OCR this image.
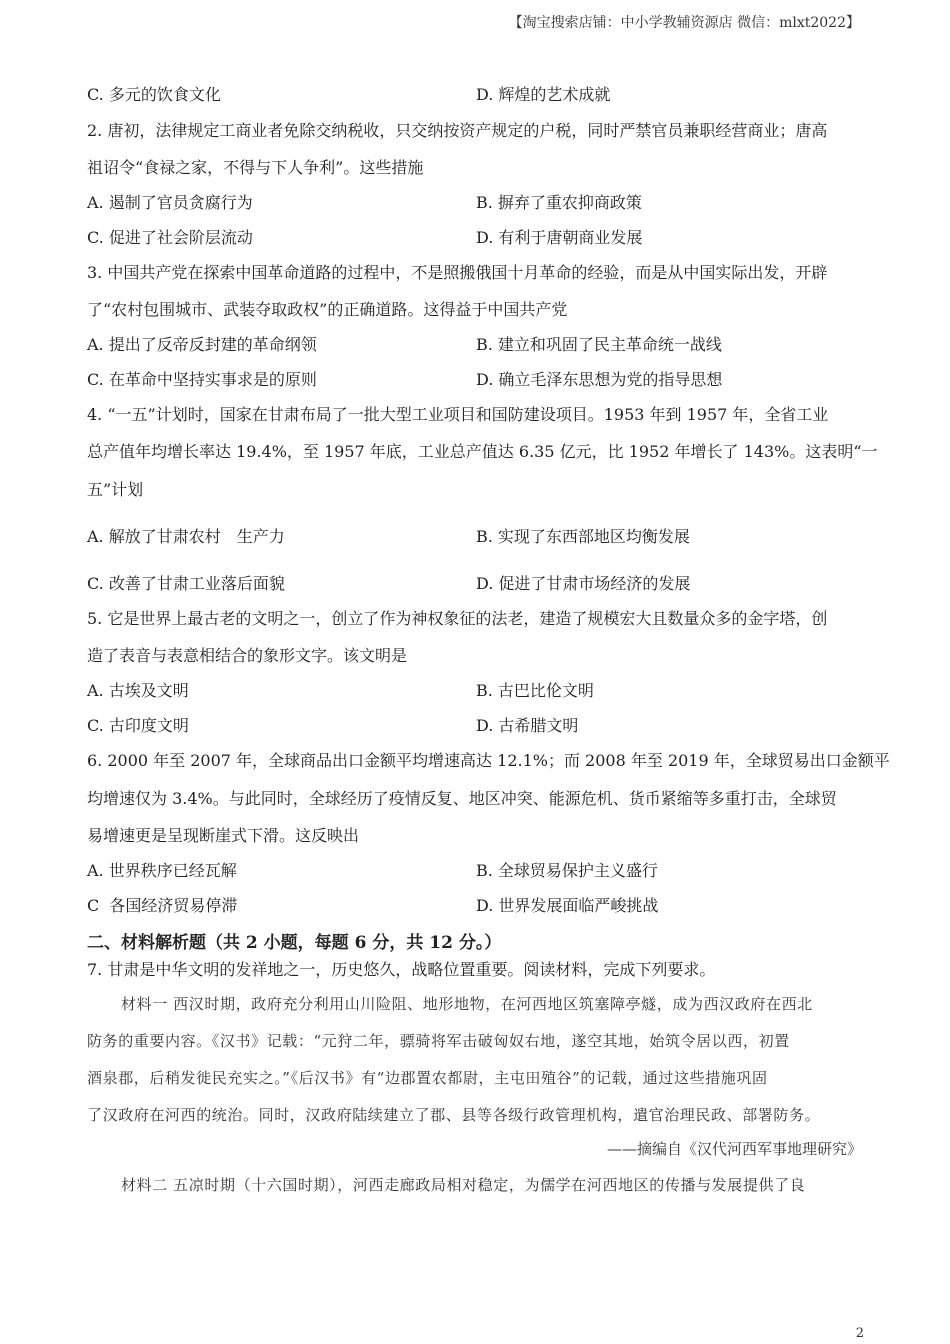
【淘宝搜索店铺：中小学教辅资源店 微信：mlxt2022】
C. 多元的饮食文化	D. 辉煌的艺术成就
2. 唐初，法律规定工商业者免除交纳税收，只交纳按资产规定的户税，同时严禁官员兼职经营商业；唐高
祖诏令“食禄之家，不得与下人争利”。这些措施
A. 遏制了官员贪腐行为	B. 摒弃了重农抑商政策
C. 促进了社会阶层流动	D. 有利于唐朝商业发展
3. 中国共产党在探索中国革命道路的过程中，不是照搬俄国十月革命的经验，而是从中国实际出发，开辟
了“农村包围城市、武装夺取政权”的正确道路。这得益于中国共产党
A. 提出了反帝反封建的革命纲领	B. 建立和巩固了民主革命统一战线
C. 在革命中坚持实事求是的原则	D. 确立毛泽东思想为党的指导思想
4. “一五”计划时，国家在甘肃布局了一批大型工业项目和国防建设项目。1953 年到 1957 年，全省工业
总产值年均增长率达 19.4%，至 1957 年底，工业总产值达 6.35 亿元，比 1952 年增长了 143%。这表明“一
五”计划
A. 解放了甘肃农村　生产力	B. 实现了东西部地区均衡发展
C. 改善了甘肃工业落后面貌	D. 促进了甘肃市场经济的发展
5. 它是世界上最古老的文明之一，创立了作为神权象征的法老，建造了规模宏大且数量众多的金字塔，创
造了表音与表意相结合的象形文字。该文明是
A. 古埃及文明	B. 古巴比伦文明
C. 古印度文明	D. 古希腊文明
6. 2000 年至 2007 年，全球商品出口金额平均增速高达 12.1%；而 2008 年至 2019 年，全球贸易出口金额平
均增速仅为 3.4%。与此同时，全球经历了疫情反复、地区冲突、能源危机、货币紧缩等多重打击，全球贸
易增速更是呈现断崖式下滑。这反映出
A. 世界秩序已经瓦解	B. 全球贸易保护主义盛行
C  各国经济贸易停滞	D. 世界发展面临严峻挑战
二、材料解析题（共 2 小题，每题 6 分，共 12 分。）
7. 甘肃是中华文明的发祥地之一，历史悠久，战略位置重要。阅读材料，完成下列要求。
材料一 西汉时期，政府充分利用山川险阻、地形地物，在河西地区筑塞障亭燧，成为西汉政府在西北
防务的重要内容。《汉书》记载：“元狩二年，骠骑将军击破匈奴右地，遂空其地，始筑令居以西，初置
酒泉郡，后稍发徙民充实之。”《后汉书》有“边郡置农都尉，主屯田殖谷”的记载，通过这些措施巩固
了汉政府在河西的统治。同时，汉政府陆续建立了郡、县等各级行政管理机构，遣官治理民政、部署防务。
——摘编自《汉代河西军事地理研究》
材料二 五凉时期（十六国时期），河西走廊政局相对稳定，为儒学在河西地区的传播与发展提供了良
2
